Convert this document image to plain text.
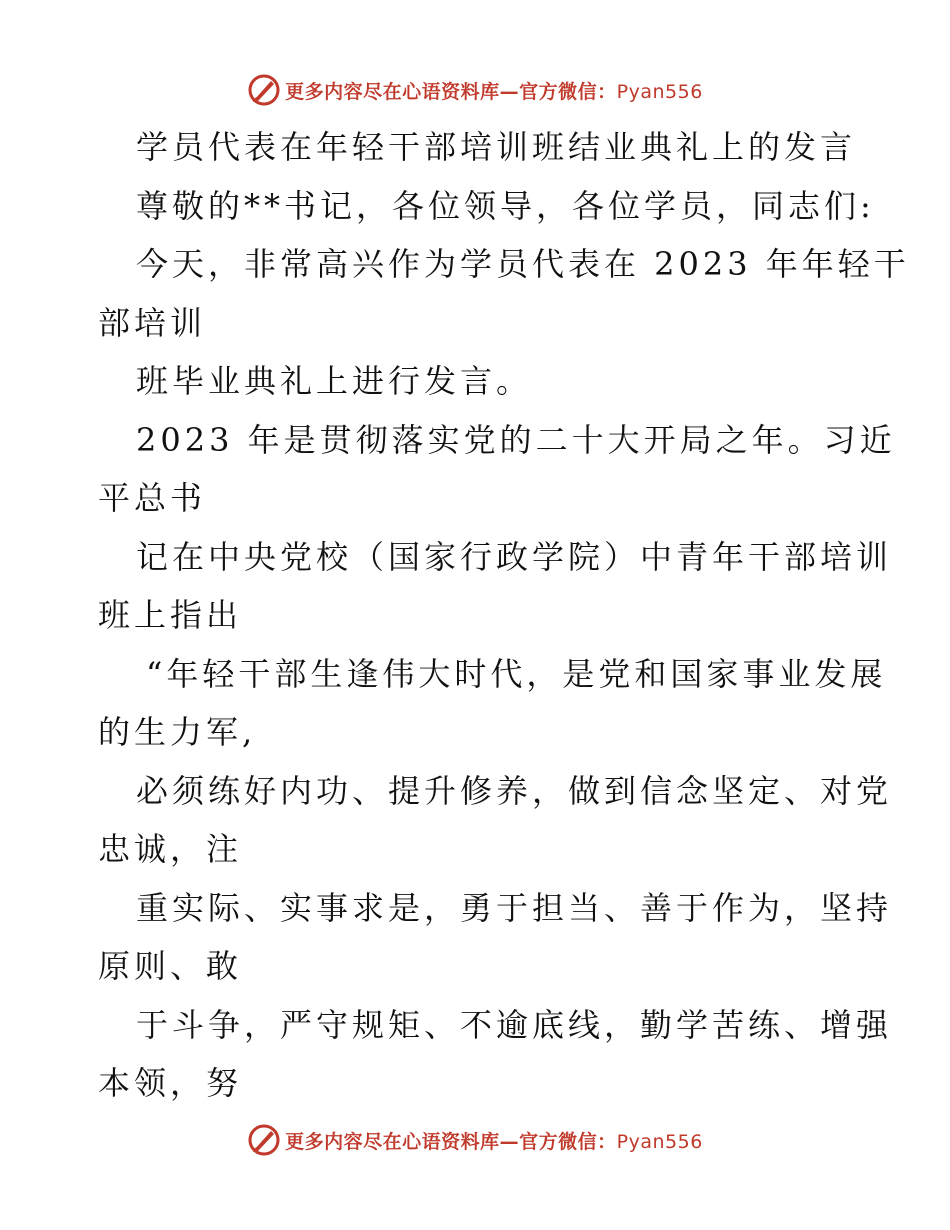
更多内容尽在心语资料库—官方微信：Pyan556
学员代表在年轻干部培训班结业典礼上的发言
尊敬的**书记，各位领导，各位学员，同志们:
今天，非常高兴作为学员代表在 2023 年年轻干
部培训
班毕业典礼上进行发言。
2023 年是贯彻落实党的二十大开局之年。习近
平总书
记在中央党校（国家行政学院）中青年干部培训
班上指出
“年轻干部生逢伟大时代，是党和国家事业发展
的生力军,
必须练好内功、提升修养，做到信念坚定、对党
忠诚，注
重实际、实事求是，勇于担当、善于作为，坚持
原则、敢
于斗争，严守规矩、不逾底线，勤学苦练、增强
本领，努
更多内容尽在心语资料库—官方微信：Pyan556
